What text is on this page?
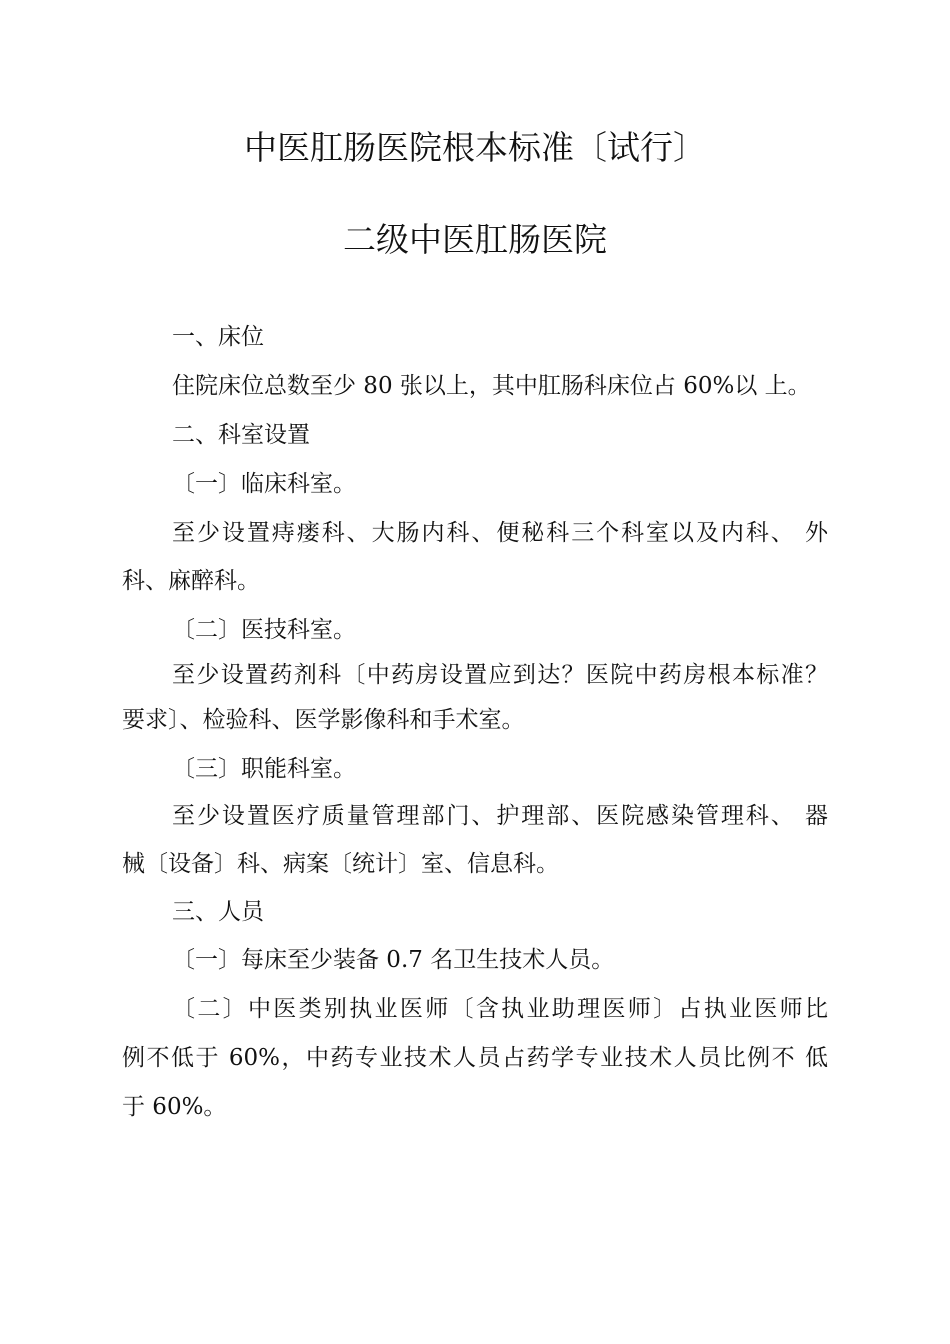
中医肛肠医院根本标准〔试行〕
二级中医肛肠医院

一、床位

住院床位总数至少 80 张以上，其中肛肠科床位占 60%以 上。

二、科室设置

〔一〕临床科室。

至少设置痔瘘科、大肠内科、便秘科三个科室以及内科、 外

科、麻醉科。

〔二〕医技科室。

至少设置药剂科〔中药房设置应到达？医院中药房根本标准？

要求〕、检验科、医学影像科和手术室。

〔三〕职能科室。

至少设置医疗质量管理部门、护理部、医院感染管理科、 器

械〔设备〕科、病案〔统计〕室、信息科。

三、人员

〔一〕每床至少装备 0.7 名卫生技术人员。

〔二〕中医类别执业医师〔含执业助理医师〕占执业医师比

例不低于 60%，中药专业技术人员占药学专业技术人员比例不 低

于 60%。
